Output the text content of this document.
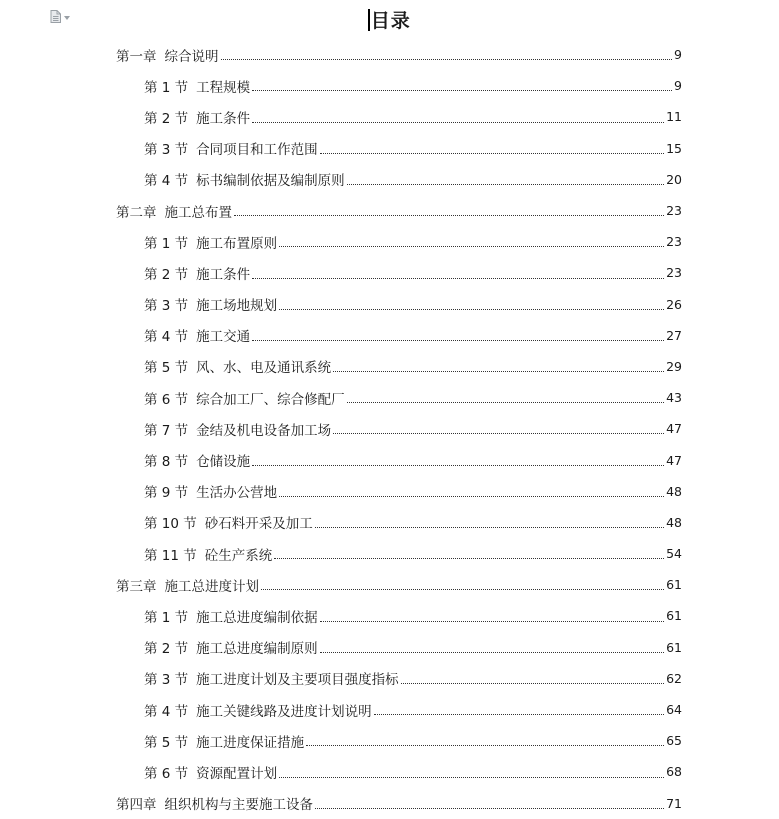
目录
第一章 综合说明	9
第 1 节 工程规模	9
第 2 节 施工条件	11
第 3 节 合同项目和工作范围	15
第 4 节 标书编制依据及编制原则	20
第二章 施工总布置	23
第 1 节 施工布置原则	23
第 2 节 施工条件	23
第 3 节 施工场地规划	26
第 4 节 施工交通	27
第 5 节 风、水、电及通讯系统	29
第 6 节 综合加工厂、综合修配厂	43
第 7 节 金结及机电设备加工场	47
第 8 节 仓储设施	47
第 9 节 生活办公营地	48
第 10 节 砂石料开采及加工	48
第 11 节 砼生产系统	54
第三章 施工总进度计划	61
第 1 节 施工总进度编制依据	61
第 2 节 施工总进度编制原则	61
第 3 节 施工进度计划及主要项目强度指标	62
第 4 节 施工关键线路及进度计划说明	64
第 5 节 施工进度保证措施	65
第 6 节 资源配置计划	68
第四章 组织机构与主要施工设备	71
